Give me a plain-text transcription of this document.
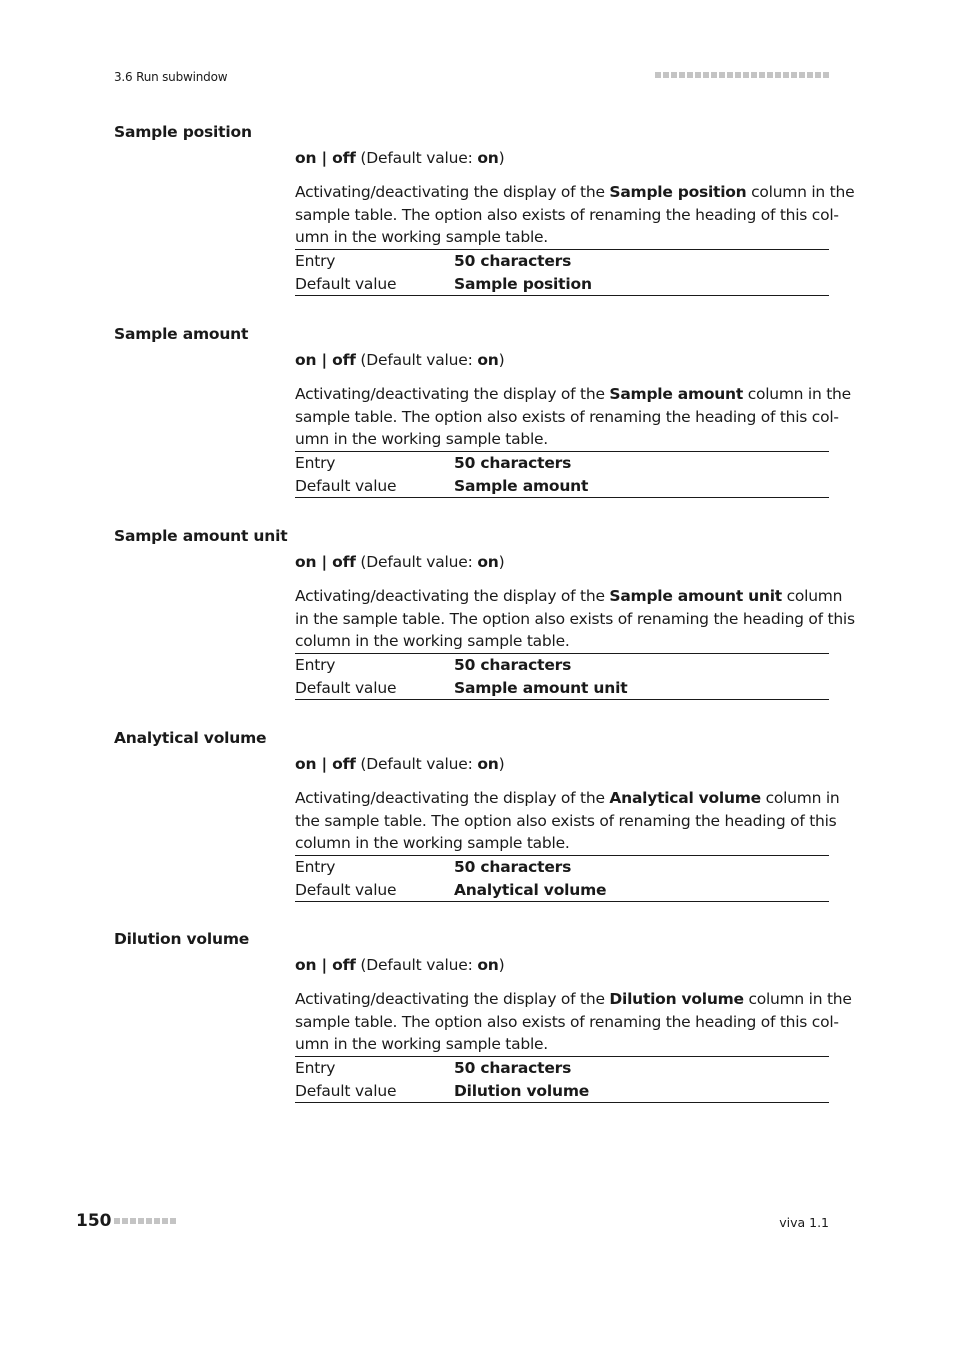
3.6 Run subwindow
Sample position
on | off (Default value: on)
Activating/deactivating the display of the Sample position column in the
sample table. The option also exists of renaming the heading of this col-
umn in the working sample table.
Entry	50 characters
Default value	Sample position
Sample amount
on | off (Default value: on)
Activating/deactivating the display of the Sample amount column in the
sample table. The option also exists of renaming the heading of this col-
umn in the working sample table.
Entry	50 characters
Default value	Sample amount
Sample amount unit
on | off (Default value: on)
Activating/deactivating the display of the Sample amount unit column
in the sample table. The option also exists of renaming the heading of this
column in the working sample table.
Entry	50 characters
Default value	Sample amount unit
Analytical volume
on | off (Default value: on)
Activating/deactivating the display of the Analytical volume column in
the sample table. The option also exists of renaming the heading of this
column in the working sample table.
Entry	50 characters
Default value	Analytical volume
Dilution volume
on | off (Default value: on)
Activating/deactivating the display of the Dilution volume column in the
sample table. The option also exists of renaming the heading of this col-
umn in the working sample table.
Entry	50 characters
Default value	Dilution volume
150	viva 1.1
